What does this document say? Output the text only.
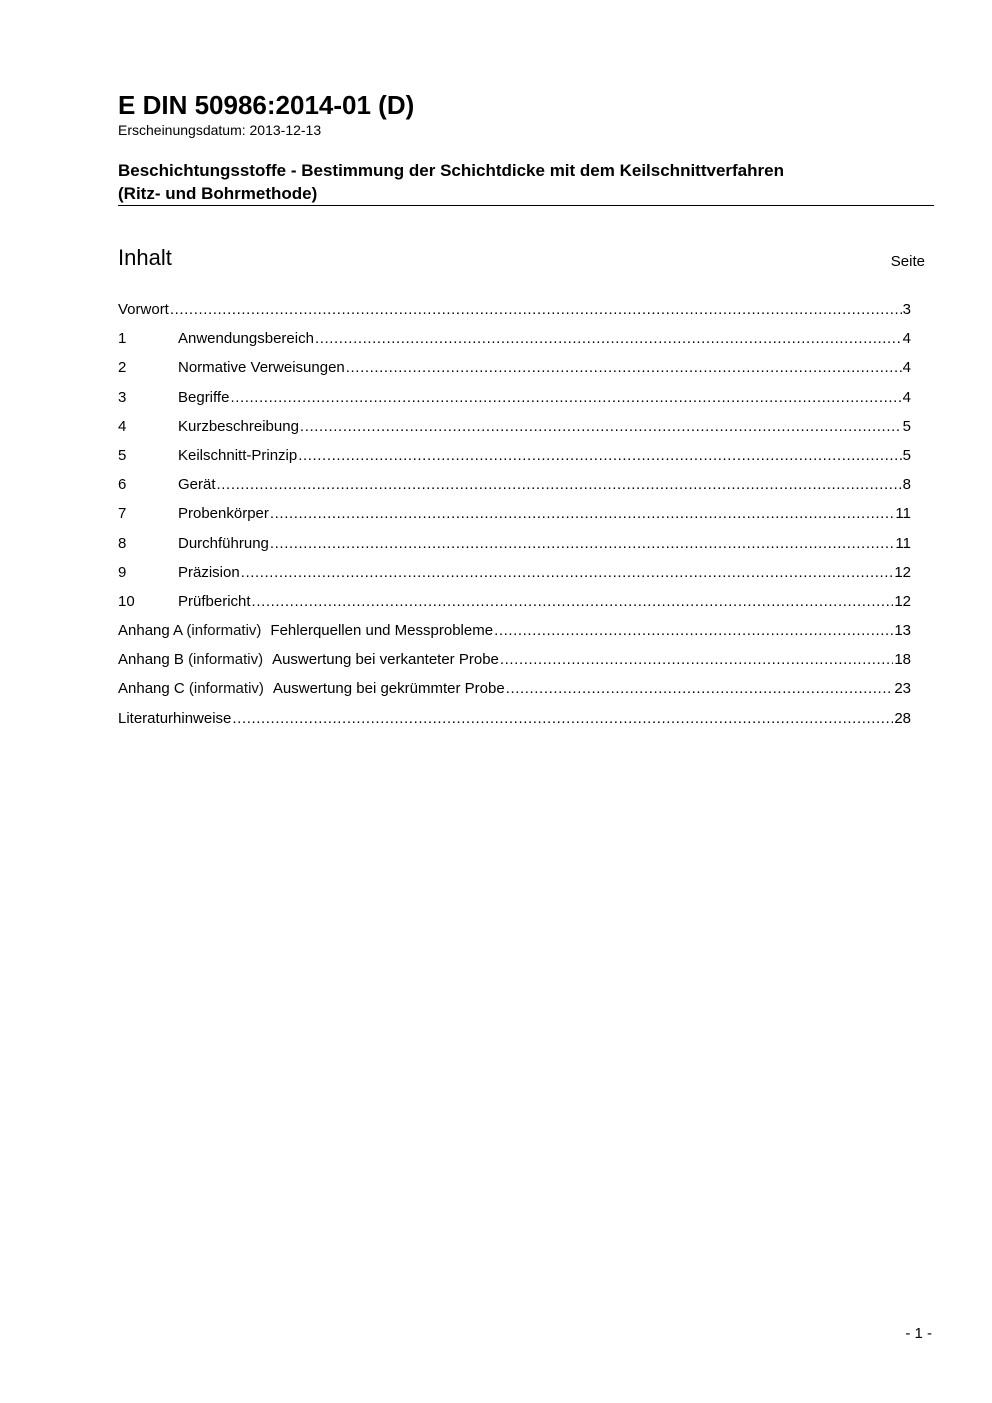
E DIN 50986:2014-01 (D)
Erscheinungsdatum: 2013-12-13
Beschichtungsstoffe - Bestimmung der Schichtdicke mit dem Keilschnittverfahren
(Ritz- und Bohrmethode)
Inhalt	Seite
Vorwort .....	3
1	Anwendungsbereich .....	4
2	Normative Verweisungen .....	4
3	Begriffe .....	4
4	Kurzbeschreibung .....	5
5	Keilschnitt-Prinzip .....	5
6	Gerät .....	8
7	Probenkörper .....	11
8	Durchführung .....	11
9	Präzision .....	12
10	Prüfbericht .....	12
Anhang A (informativ) Fehlerquellen und Messprobleme .....	13
Anhang B (informativ) Auswertung bei verkanteter Probe .....	18
Anhang C (informativ) Auswertung bei gekrümmter Probe .....	23
Literaturhinweise .....	28
- 1 -
